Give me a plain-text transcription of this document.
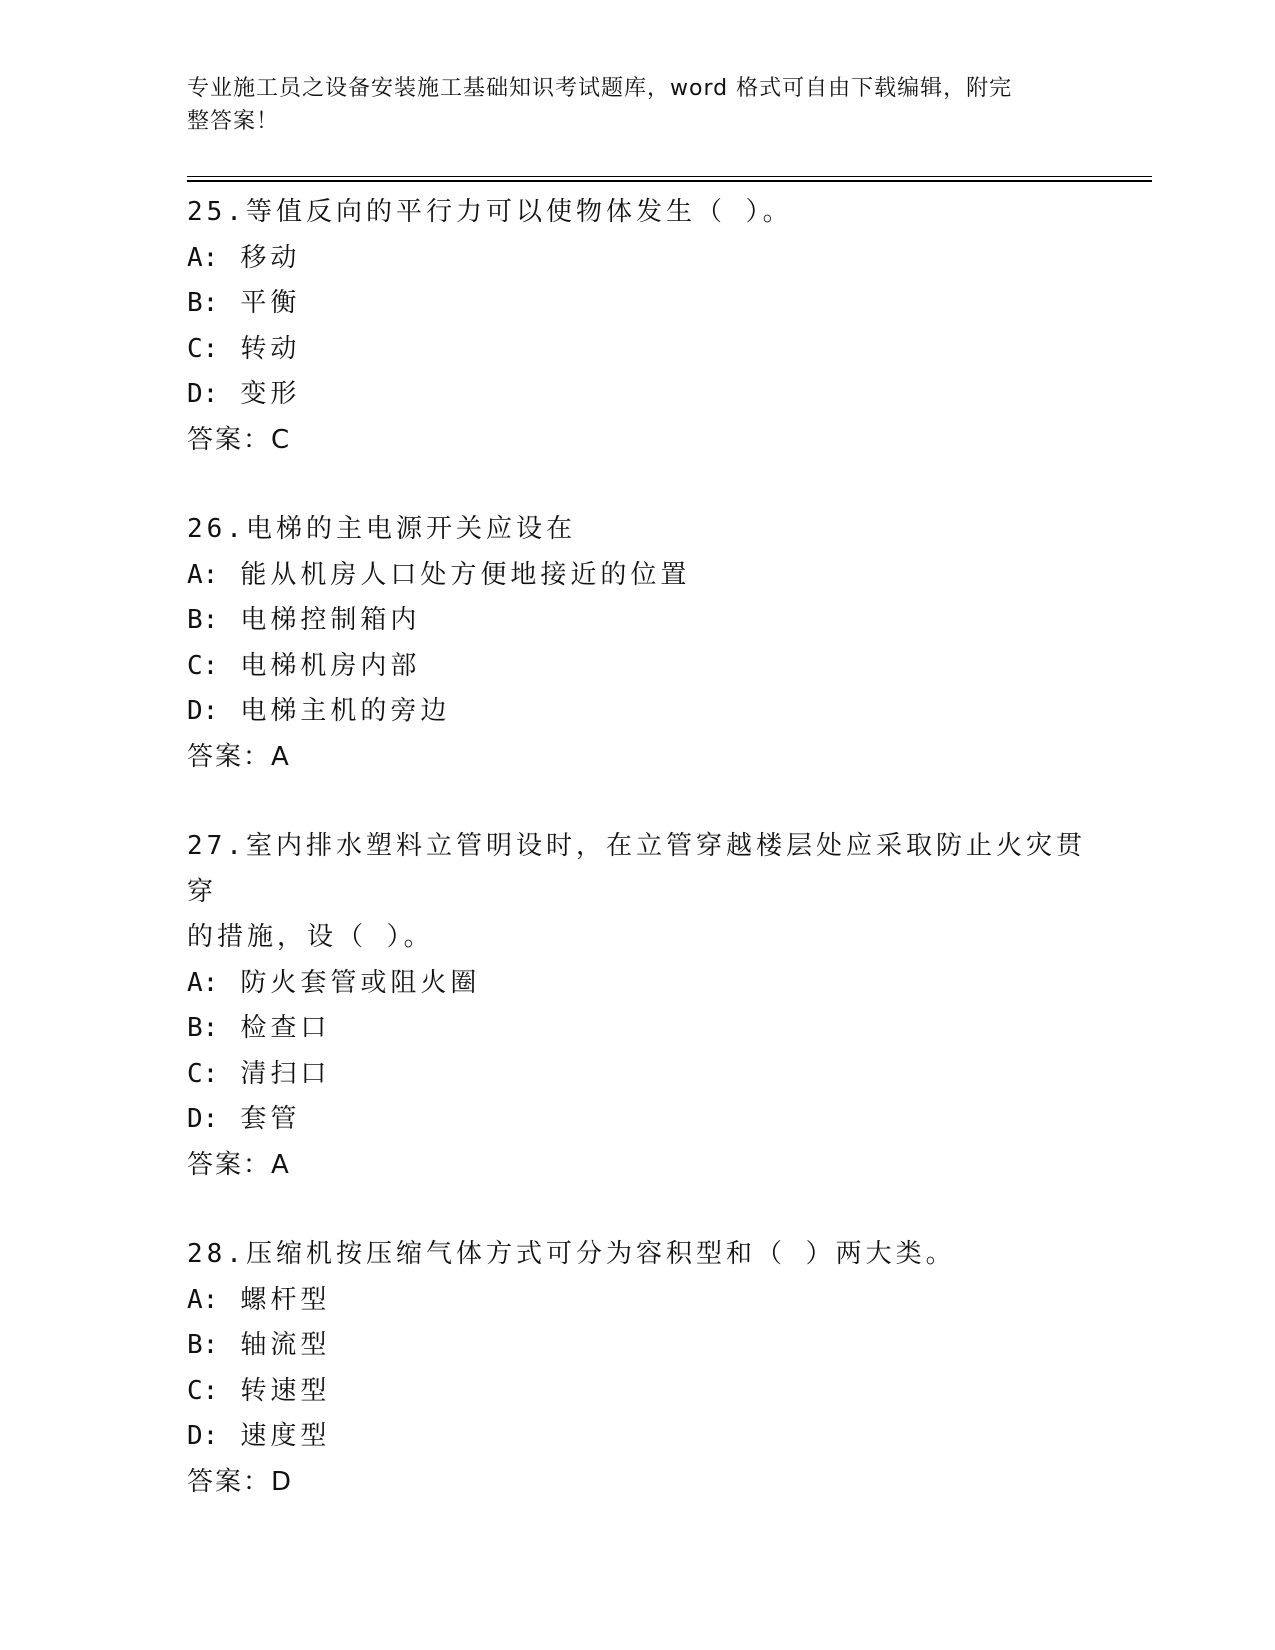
专业施工员之设备安装施工基础知识考试题库，word 格式可自由下载编辑，附完
整答案！
25.等值反向的平行力可以使物体发生（ ）。
A: 移动
B: 平衡
C: 转动
D: 变形
答案：C
26.电梯的主电源开关应设在
A: 能从机房人口处方便地接近的位置
B: 电梯控制箱内
C: 电梯机房内部
D: 电梯主机的旁边
答案：A
27.室内排水塑料立管明设时，在立管穿越楼层处应采取防止火灾贯穿
的措施，设（ ）。
A: 防火套管或阻火圈
B: 检查口
C: 清扫口
D: 套管
答案：A
28.压缩机按压缩气体方式可分为容积型和（ ）两大类。
A: 螺杆型
B: 轴流型
C: 转速型
D: 速度型
答案：D
